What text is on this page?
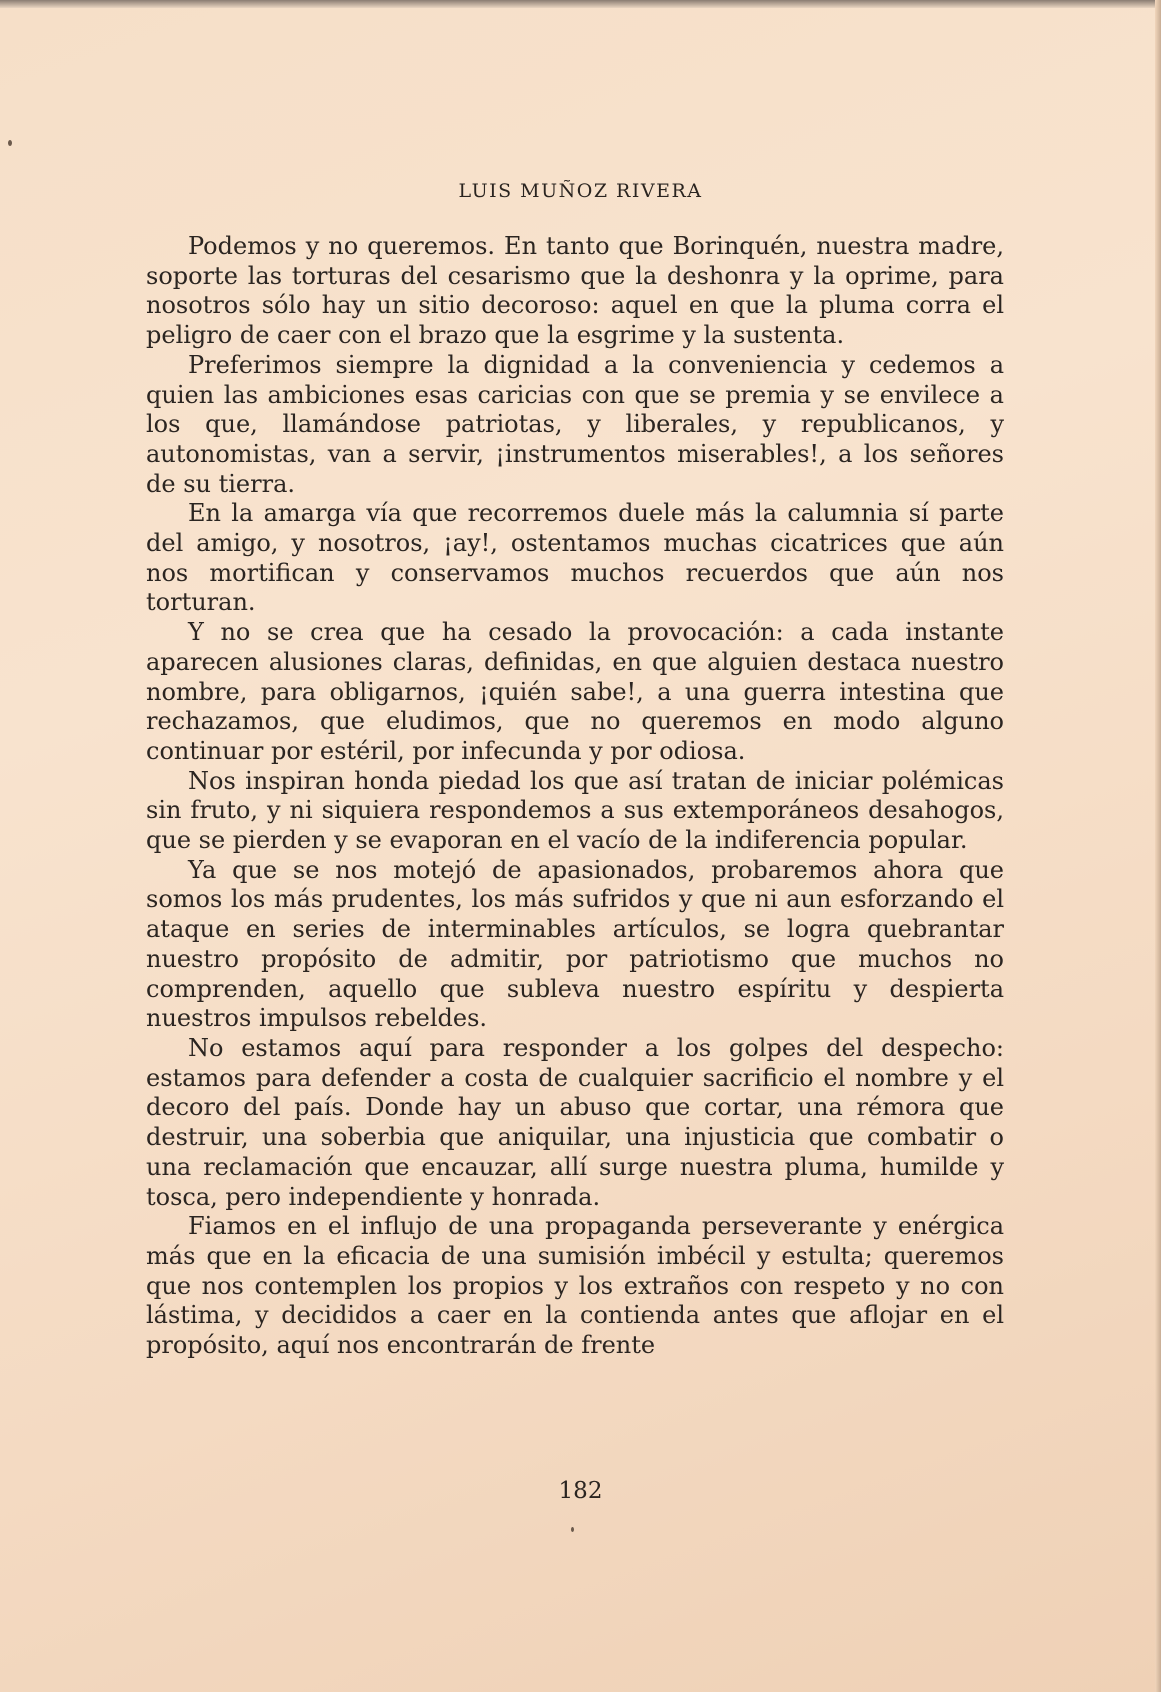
LUIS MUÑOZ RIVERA

Podemos y no queremos. En tanto que Borinquén, nuestra madre, soporte las torturas del cesarismo que la deshonra y la oprime, para nosotros sólo hay un sitio decoroso: aquel en que la pluma corra el peligro de caer con el brazo que la esgrime y la sustenta.

Preferimos siempre la dignidad a la conveniencia y cedemos a quien las ambiciones esas caricias con que se premia y se envilece a los que, llamándose patriotas, y liberales, y republicanos, y autonomistas, van a servir, ¡instrumentos miserables!, a los señores de su tierra.

En la amarga vía que recorremos duele más la calumnia sí parte del amigo, y nosotros, ¡ay!, ostentamos muchas cicatrices que aún nos mortifican y conservamos muchos recuerdos que aún nos torturan.

Y no se crea que ha cesado la provocación: a cada instante aparecen alusiones claras, definidas, en que alguien destaca nuestro nombre, para obligarnos, ¡quién sabe!, a una guerra intestina que rechazamos, que eludimos, que no queremos en modo alguno continuar por estéril, por infecunda y por odiosa.

Nos inspiran honda piedad los que así tratan de iniciar polémicas sin fruto, y ni siquiera respondemos a sus extemporáneos desahogos, que se pierden y se evaporan en el vacío de la indiferencia popular.

Ya que se nos motejó de apasionados, probaremos ahora que somos los más prudentes, los más sufridos y que ni aun esforzando el ataque en series de interminables artículos, se logra quebrantar nuestro propósito de admitir, por patriotismo que muchos no comprenden, aquello que subleva nuestro espíritu y despierta nuestros impulsos rebeldes.

No estamos aquí para responder a los golpes del despecho: estamos para defender a costa de cualquier sacrificio el nombre y el decoro del país. Donde hay un abuso que cortar, una rémora que destruir, una soberbia que aniquilar, una injusticia que combatir o una reclamación que encauzar, allí surge nuestra pluma, humilde y tosca, pero independiente y honrada.

Fiamos en el influjo de una propaganda perseverante y enérgica más que en la eficacia de una sumisión imbécil y estulta; queremos que nos contemplen los propios y los extraños con respeto y no con lástima, y decididos a caer en la contienda antes que aflojar en el propósito, aquí nos encontrarán de frente

182
